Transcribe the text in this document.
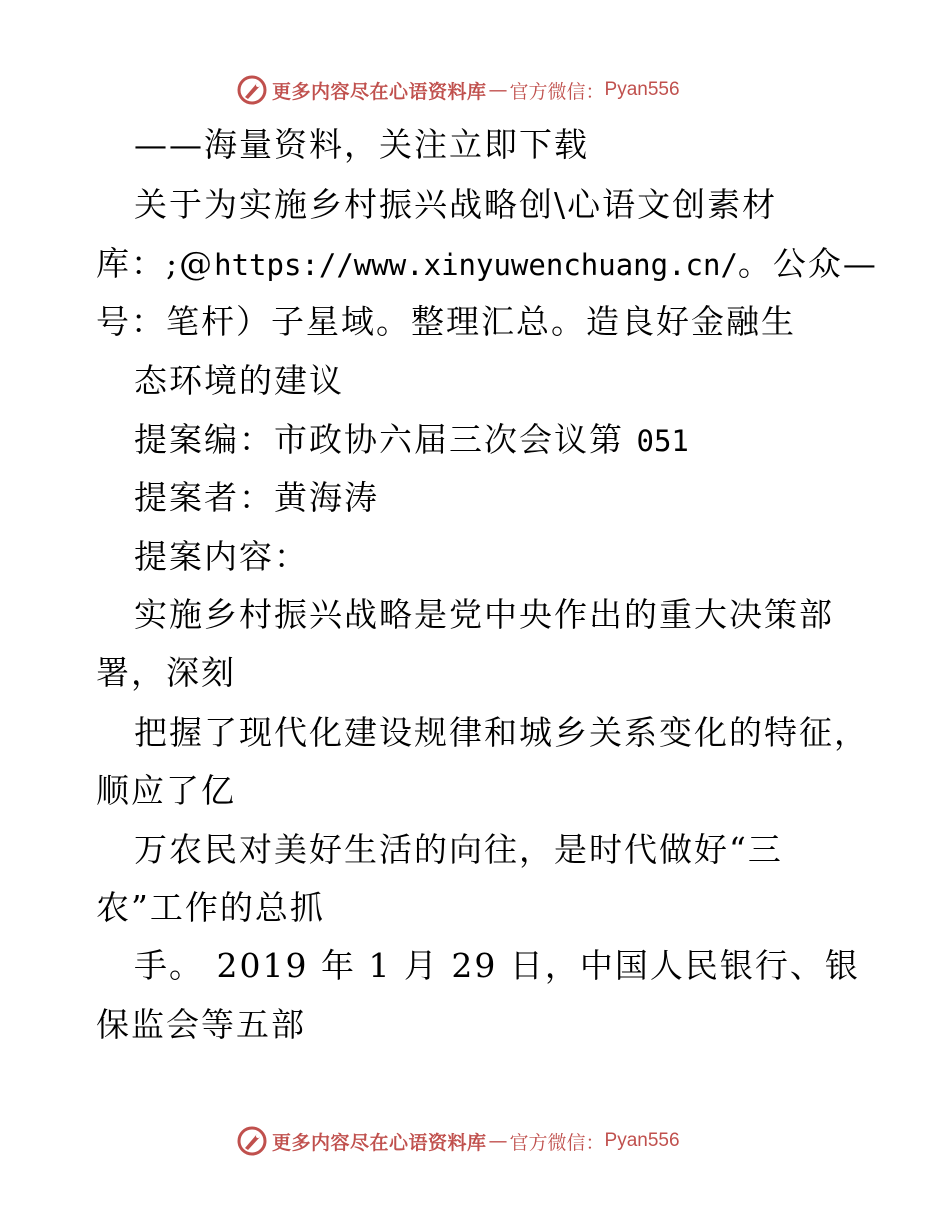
更多内容尽在心语资料库 — 官方微信： Pyan556
——海量资料，关注立即下载
关于为实施乡村振兴战略创\心语文创素材
库：;@https://www.xinyuwenchuang.cn/。公众—
号：笔杆）子星域。整理汇总。造良好金融生
态环境的建议
提案编：市政协六届三次会议第 051
提案者：黄海涛
提案内容：
实施乡村振兴战略是党中央作出的重大决策部
署，深刻
把握了现代化建设规律和城乡关系变化的特征，
顺应了亿
万农民对美好生活的向往，是时代做好“三
农”工作的总抓
手。 2019 年 1 月 29 日，中国人民银行、银
保监会等五部
更多内容尽在心语资料库 — 官方微信： Pyan556
